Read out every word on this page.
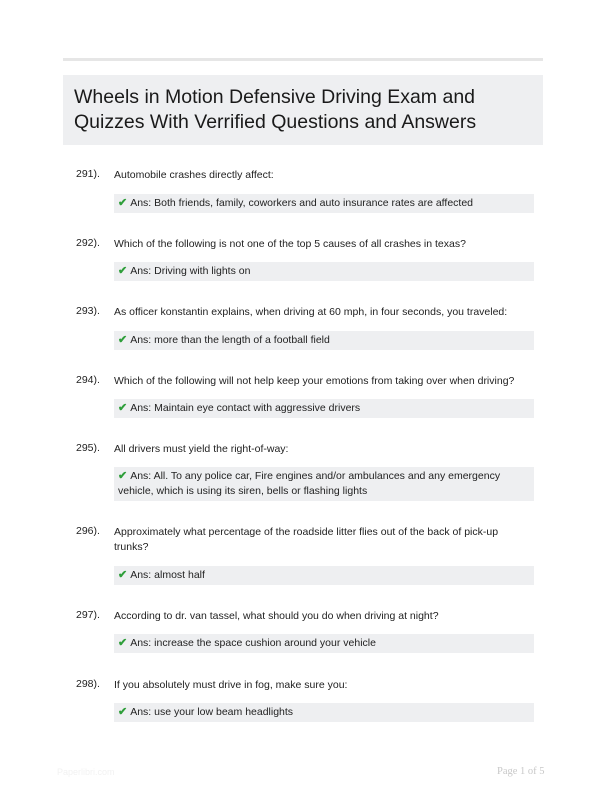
Wheels in Motion Defensive Driving Exam and Quizzes With Verrified Questions and Answers
291). Automobile crashes directly affect:
✔ Ans: Both friends, family, coworkers and auto insurance rates are affected
292). Which of the following is not one of the top 5 causes of all crashes in texas?
✔ Ans: Driving with lights on
293). As officer konstantin explains, when driving at 60 mph, in four seconds, you traveled:
✔ Ans: more than the length of a football field
294). Which of the following will not help keep your emotions from taking over when driving?
✔ Ans: Maintain eye contact with aggressive drivers
295). All drivers must yield the right-of-way:
✔ Ans: All. To any police car, Fire engines and/or ambulances and any emergency vehicle, which is using its siren, bells or flashing lights
296). Approximately what percentage of the roadside litter flies out of the back of pick-up trunks?
✔ Ans: almost half
297). According to dr. van tassel, what should you do when driving at night?
✔ Ans: increase the space cushion around your vehicle
298). If you absolutely must drive in fog, make sure you:
✔ Ans: use your low beam headlights
Paperlibri.com	Page 1 of 5
